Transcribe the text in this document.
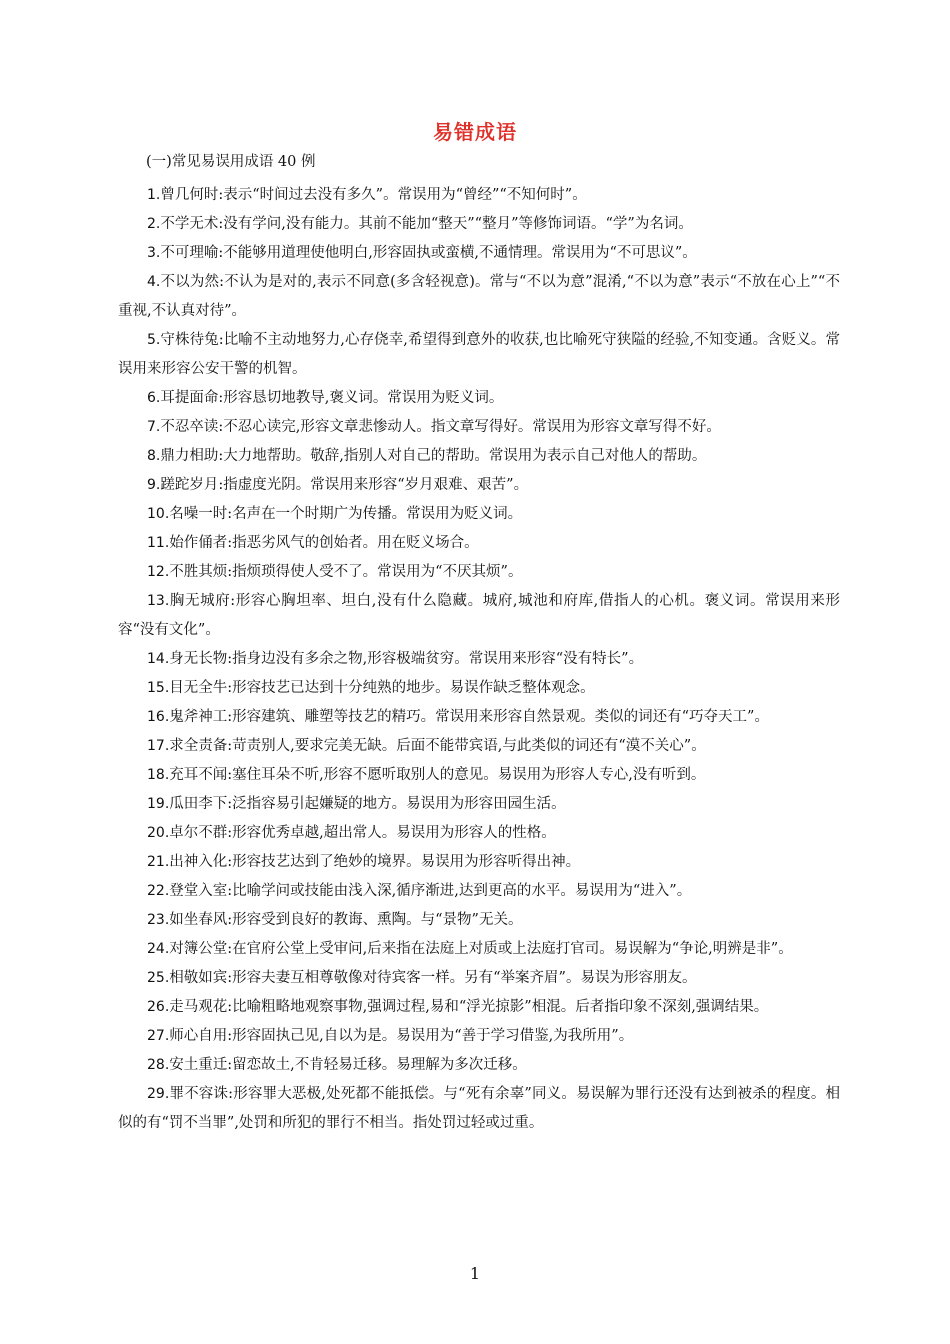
易错成语
(一)常见易误用成语 40 例

1.曾几何时:表示“时间过去没有多久”。常误用为“曾经”“不知何时”。

2.不学无术:没有学问,没有能力。其前不能加“整天”“整月”等修饰词语。“学”为名词。

3.不可理喻:不能够用道理使他明白,形容固执或蛮横,不通情理。常误用为“不可思议”。

4.不以为然:不认为是对的,表示不同意(多含轻视意)。常与“不以为意”混淆,“不以为意”表示“不放在心上”“不重视,不认真对待”。

5.守株待兔:比喻不主动地努力,心存侥幸,希望得到意外的收获,也比喻死守狭隘的经验,不知变通。含贬义。常误用来形容公安干警的机智。

6.耳提面命:形容恳切地教导,褒义词。常误用为贬义词。

7.不忍卒读:不忍心读完,形容文章悲惨动人。指文章写得好。常误用为形容文章写得不好。

8.鼎力相助:大力地帮助。敬辞,指别人对自己的帮助。常误用为表示自己对他人的帮助。

9.蹉跎岁月:指虚度光阴。常误用来形容“岁月艰难、艰苦”。

10.名噪一时:名声在一个时期广为传播。常误用为贬义词。

11.始作俑者:指恶劣风气的创始者。用在贬义场合。

12.不胜其烦:指烦琐得使人受不了。常误用为“不厌其烦”。

13.胸无城府:形容心胸坦率、坦白,没有什么隐藏。城府,城池和府库,借指人的心机。褒义词。常误用来形容“没有文化”。

14.身无长物:指身边没有多余之物,形容极端贫穷。常误用来形容“没有特长”。

15.目无全牛:形容技艺已达到十分纯熟的地步。易误作缺乏整体观念。

16.鬼斧神工:形容建筑、雕塑等技艺的精巧。常误用来形容自然景观。类似的词还有“巧夺天工”。

17.求全责备:苛责别人,要求完美无缺。后面不能带宾语,与此类似的词还有“漠不关心”。

18.充耳不闻:塞住耳朵不听,形容不愿听取别人的意见。易误用为形容人专心,没有听到。

19.瓜田李下:泛指容易引起嫌疑的地方。易误用为形容田园生活。

20.卓尔不群:形容优秀卓越,超出常人。易误用为形容人的性格。

21.出神入化:形容技艺达到了绝妙的境界。易误用为形容听得出神。

22.登堂入室:比喻学问或技能由浅入深,循序渐进,达到更高的水平。易误用为“进入”。

23.如坐春风:形容受到良好的教诲、熏陶。与“景物”无关。

24.对簿公堂:在官府公堂上受审问,后来指在法庭上对质或上法庭打官司。易误解为“争论,明辨是非”。

25.相敬如宾:形容夫妻互相尊敬像对待宾客一样。另有“举案齐眉”。易误为形容朋友。

26.走马观花:比喻粗略地观察事物,强调过程,易和“浮光掠影”相混。后者指印象不深刻,强调结果。

27.师心自用:形容固执己见,自以为是。易误用为“善于学习借鉴,为我所用”。

28.安土重迁:留恋故土,不肯轻易迁移。易理解为多次迁移。

29.罪不容诛:形容罪大恶极,处死都不能抵偿。与“死有余辜”同义。易误解为罪行还没有达到被杀的程度。相似的有“罚不当罪”,处罚和所犯的罪行不相当。指处罚过轻或过重。

1
